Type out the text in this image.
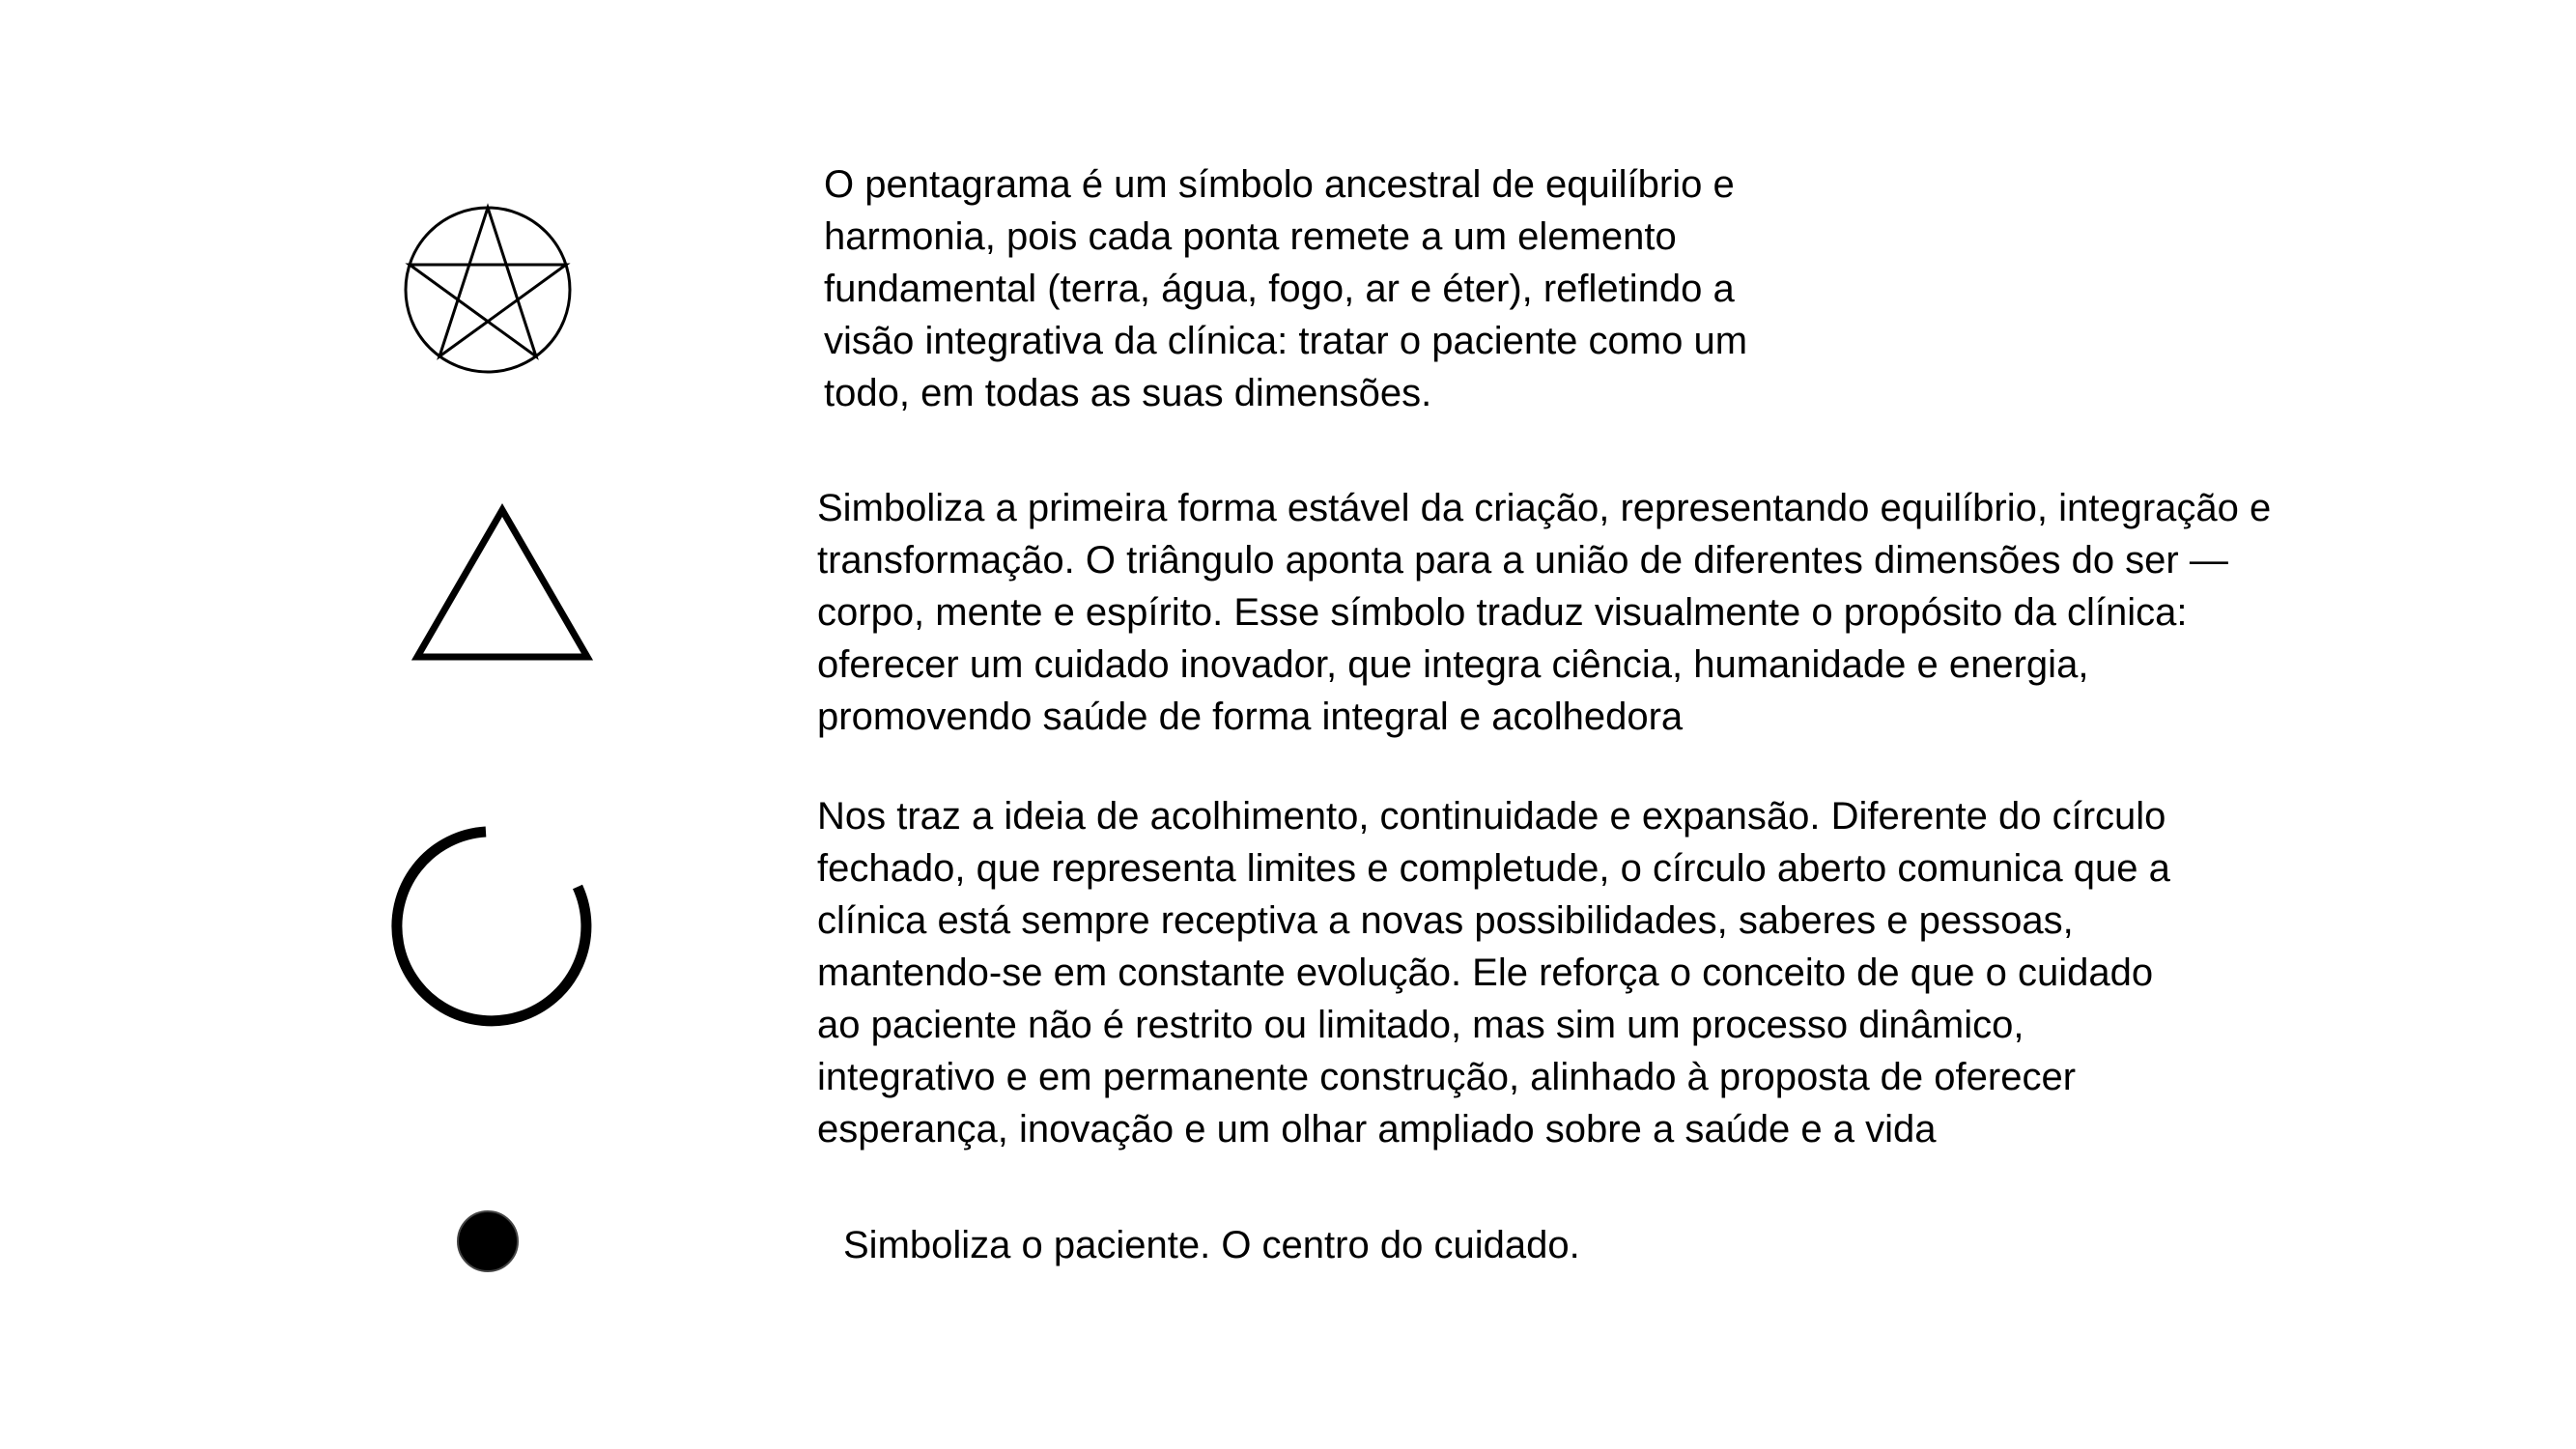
O pentagrama é um símbolo ancestral de equilíbrio e
harmonia, pois cada ponta remete a um elemento
fundamental (terra, água, fogo, ar e éter), refletindo a
visão integrativa da clínica: tratar o paciente como um
todo, em todas as suas dimensões.

Simboliza a primeira forma estável da criação, representando equilíbrio, integração e
transformação. O triângulo aponta para a união de diferentes dimensões do ser —
corpo, mente e espírito. Esse símbolo traduz visualmente o propósito da clínica:
oferecer um cuidado inovador, que integra ciência, humanidade e energia,
promovendo saúde de forma integral e acolhedora

Nos traz a ideia de acolhimento, continuidade e expansão. Diferente do círculo
fechado, que representa limites e completude, o círculo aberto comunica que a
clínica está sempre receptiva a novas possibilidades, saberes e pessoas,
mantendo-se em constante evolução. Ele reforça o conceito de que o cuidado
ao paciente não é restrito ou limitado, mas sim um processo dinâmico,
integrativo e em permanente construção, alinhado à proposta de oferecer
esperança, inovação e um olhar ampliado sobre a saúde e a vida

Simboliza o paciente. O centro do cuidado.
